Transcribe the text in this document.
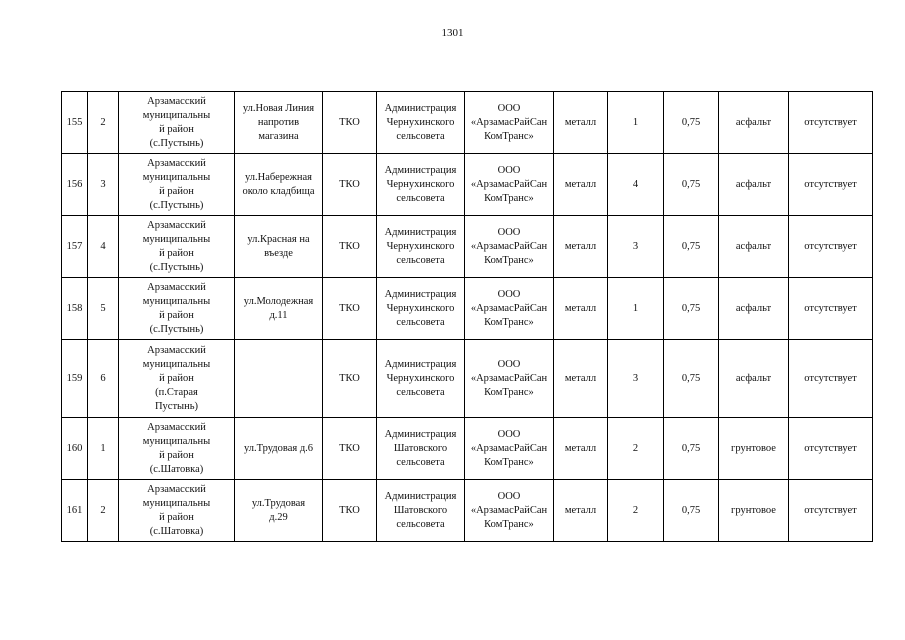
1301
155	2	Арзамасский
муниципальны
й район
(с.Пустынь)	ул.Новая Линия
напротив
магазина	ТКО	Администрация
Чернухинского
сельсовета	ООО
«АрзамасРайСан
КомТранс»	металл	1	0,75	асфальт	отсутствует
156	3	Арзамасский
муниципальны
й район
(с.Пустынь)	ул.Набережная
около кладбища	ТКО	Администрация
Чернухинского
сельсовета	ООО
«АрзамасРайСан
КомТранс»	металл	4	0,75	асфальт	отсутствует
157	4	Арзамасский
муниципальны
й район
(с.Пустынь)	ул.Красная на
въезде	ТКО	Администрация
Чернухинского
сельсовета	ООО
«АрзамасРайСан
КомТранс»	металл	3	0,75	асфальт	отсутствует
158	5	Арзамасский
муниципальны
й район
(с.Пустынь)	ул.Молодежная
д.11	ТКО	Администрация
Чернухинского
сельсовета	ООО
«АрзамасРайСан
КомТранс»	металл	1	0,75	асфальт	отсутствует
159	6	Арзамасский
муниципальны
й район
(п.Старая
Пустынь)		ТКО	Администрация
Чернухинского
сельсовета	ООО
«АрзамасРайСан
КомТранс»	металл	3	0,75	асфальт	отсутствует
160	1	Арзамасский
муниципальны
й район
(с.Шатовка)	ул.Трудовая д.6	ТКО	Администрация
Шатовского
сельсовета	ООО
«АрзамасРайСан
КомТранс»	металл	2	0,75	грунтовое	отсутствует
161	2	Арзамасский
муниципальны
й район
(с.Шатовка)	ул.Трудовая
д.29	ТКО	Администрация
Шатовского
сельсовета	ООО
«АрзамасРайСан
КомТранс»	металл	2	0,75	грунтовое	отсутствует
